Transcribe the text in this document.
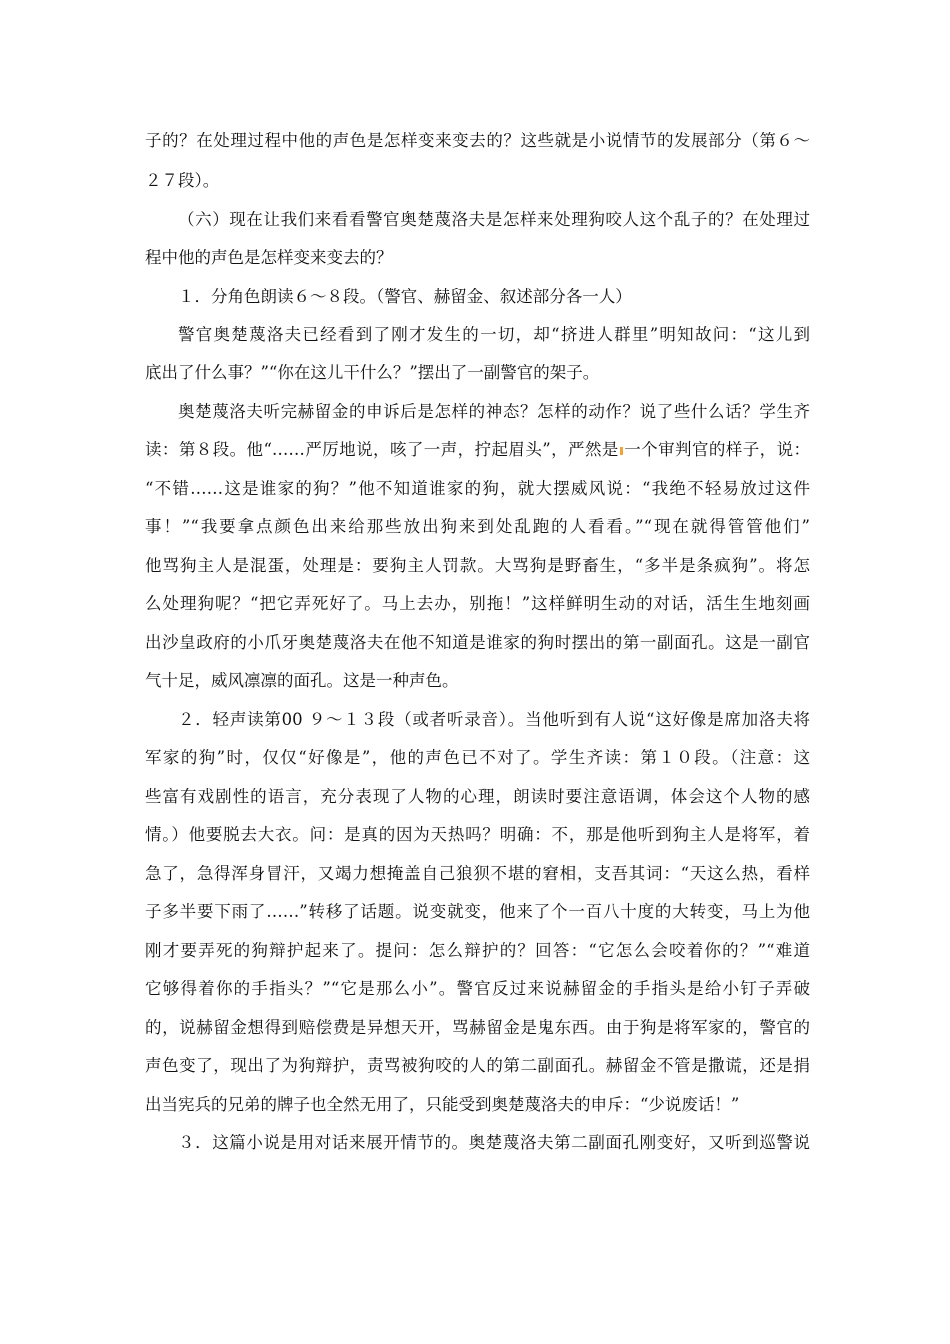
子的？在处理过程中他的声色是怎样变来变去的？这些就是小说情节的发展部分（第６～
２７段）。
（六）现在让我们来看看警官奥楚蔑洛夫是怎样来处理狗咬人这个乱子的？在处理过
程中他的声色是怎样变来变去的？
１．分角色朗读６～８段。（警官、赫留金、叙述部分各一人）
警官奥楚蔑洛夫已经看到了刚才发生的一切，却“挤进人群里”明知故问：“这儿到
底出了什么事？”“你在这儿干什么？”摆出了一副警官的架子。
奥楚蔑洛夫听完赫留金的申诉后是怎样的神态？怎样的动作？说了些什么话？学生齐
读：第８段。他“……严厉地说，咳了一声，拧起眉头”，严然是 一个审判官的样子，说：
“不错……这是谁家的狗？”他不知道谁家的狗，就大摆威风说：“我绝不轻易放过这件
事！”“我要拿点颜色出来给那些放出狗来到处乱跑的人看看。”“现在就得管管他们”
他骂狗主人是混蛋，处理是：要狗主人罚款。大骂狗是野畜生，“多半是条疯狗”。将怎
么处理狗呢？“把它弄死好了。马上去办，别拖！”这样鲜明生动的对话，活生生地刻画
出沙皇政府的小爪牙奥楚蔑洛夫在他不知道是谁家的狗时摆出的第一副面孔。这是一副官
气十足，威风凛凛的面孔。这是一种声色。
２．轻声读第00 ９～１３段（或者听录音）。当他听到有人说“这好像是席加洛夫将
军家的狗”时，仅仅“好像是”，他的声色已不对了。学生齐读：第１０段。（注意：这
些富有戏剧性的语言，充分表现了人物的心理，朗读时要注意语调，体会这个人物的感
情。）他要脱去大衣。问：是真的因为天热吗？明确：不，那是他听到狗主人是将军，着
急了，急得浑身冒汗，又竭力想掩盖自己狼狈不堪的窘相，支吾其词：“天这么热，看样
子多半要下雨了……”转移了话题。说变就变，他来了个一百八十度的大转变，马上为他
刚才要弄死的狗辩护起来了。提问：怎么辩护的？回答：“它怎么会咬着你的？”“难道
它够得着你的手指头？”“它是那么小”。警官反过来说赫留金的手指头是给小钉子弄破
的，说赫留金想得到赔偿费是异想天开，骂赫留金是鬼东西。由于狗是将军家的，警官的
声色变了，现出了为狗辩护，责骂被狗咬的人的第二副面孔。赫留金不管是撒谎，还是捐
出当宪兵的兄弟的牌子也全然无用了，只能受到奥楚蔑洛夫的申斥：“少说废话！”
３．这篇小说是用对话来展开情节的。奥楚蔑洛夫第二副面孔刚变好，又听到巡警说
